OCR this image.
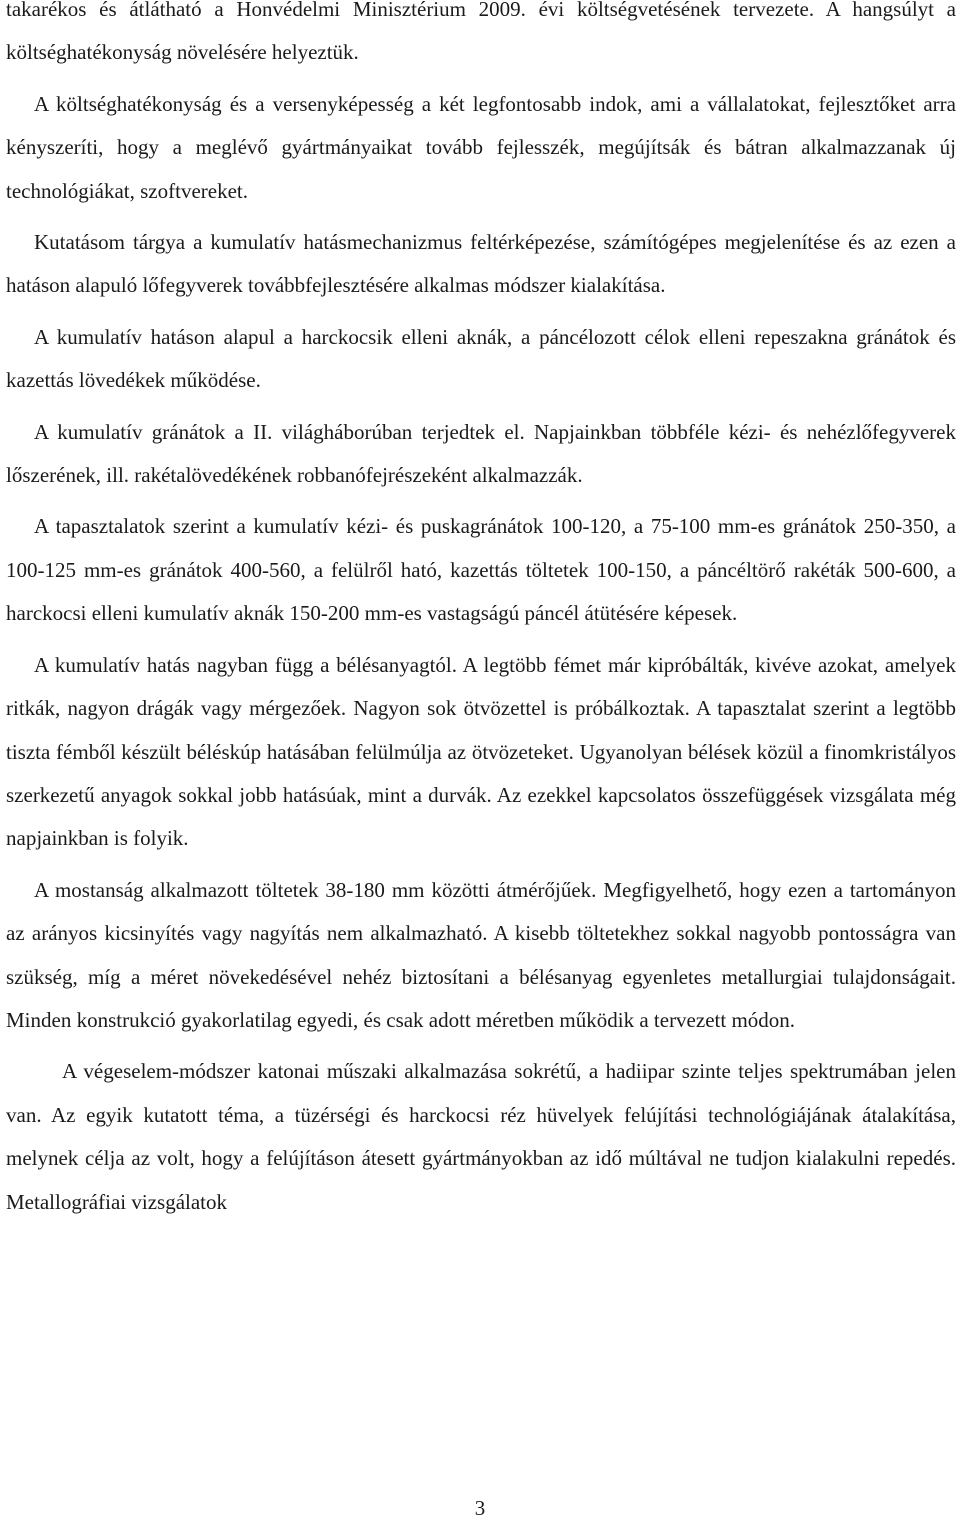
takarékos és átlátható a Honvédelmi Minisztérium 2009. évi költségvetésének tervezete. A hangsúlyt a költséghatékonyság növelésére helyeztük.

A költséghatékonyság és a versenyképesség a két legfontosabb indok, ami a vállalatokat, fejlesztőket arra kényszeríti, hogy a meglévő gyártmányaikat tovább fejlesszék, megújítsák és bátran alkalmazzanak új technológiákat, szoftvereket.

Kutatásom tárgya a kumulatív hatásmechanizmus feltérképezése, számítógépes megjelenítése és az ezen a hatáson alapuló lőfegyverek továbbfejlesztésére alkalmas módszer kialakítása.

A kumulatív hatáson alapul a harckocsik elleni aknák, a páncélozott célok elleni repeszakna gránátok és kazettás lövedékek működése.

A kumulatív gránátok a II. világháborúban terjedtek el. Napjainkban többféle kézi- és nehézlőfegyverek lőszerének, ill. rakétalövedékének robbanófejrészeként alkalmazzák.

A tapasztalatok szerint a kumulatív kézi- és puskagránátok 100-120, a 75-100 mm-es gránátok 250-350, a 100-125 mm-es gránátok 400-560, a felülről ható, kazettás töltetek 100-150, a páncéltörő rakéták 500-600, a harckocsi elleni kumulatív aknák 150-200 mm-es vastagságú páncél átütésére képesek.

A kumulatív hatás nagyban függ a bélésanyagtól. A legtöbb fémet már kipróbálták, kivéve azokat, amelyek ritkák, nagyon drágák vagy mérgezőek. Nagyon sok ötvözettel is próbálkoztak. A tapasztalat szerint a legtöbb tiszta fémből készült béléskúp hatásában felülmúlja az ötvözeteket. Ugyanolyan bélések közül a finomkristályos szerkezetű anyagok sokkal jobb hatásúak, mint a durvák. Az ezekkel kapcsolatos összefüggések vizsgálata még napjainkban is folyik.

A mostanság alkalmazott töltetek 38-180 mm közötti átmérőjűek. Megfigyelhető, hogy ezen a tartományon az arányos kicsinyítés vagy nagyítás nem alkalmazható. A kisebb töltetekhez sokkal nagyobb pontosságra van szükség, míg a méret növekedésével nehéz biztosítani a bélésanyag egyenletes metallurgiai tulajdonságait. Minden konstrukció gyakorlatilag egyedi, és csak adott méretben működik a tervezett módon.

A végeselem-módszer katonai műszaki alkalmazása sokrétű, a hadiipar szinte teljes spektrumában jelen van. Az egyik kutatott téma, a tüzérségi és harckocsi réz hüvelyek felújítási technológiájának átalakítása, melynek célja az volt, hogy a felújításon átesett gyártmányokban az idő múltával ne tudjon kialakulni repedés. Metallográfiai vizsgálatok

3
